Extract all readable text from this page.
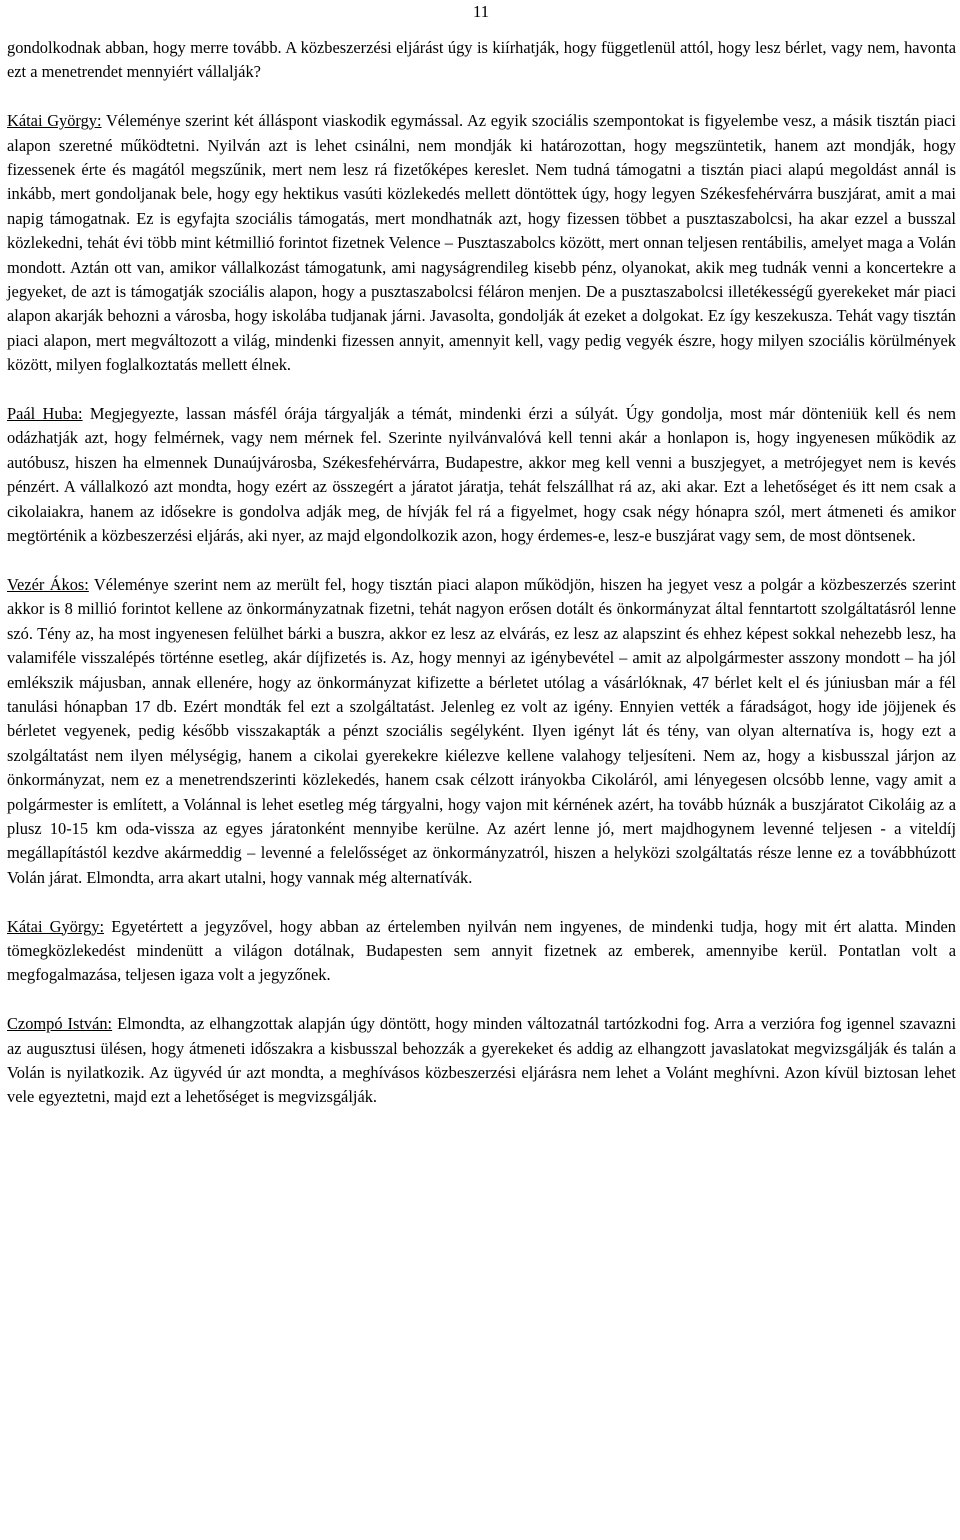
11

gondolkodnak abban, hogy merre tovább. A közbeszerzési eljárást úgy is kiírhatják, hogy függetlenül attól, hogy lesz bérlet, vagy nem, havonta ezt a menetrendet mennyiért vállalják?

Kátai György: Véleménye szerint két álláspont viaskodik egymással. Az egyik szociális szempontokat is figyelembe vesz, a másik tisztán piaci alapon szeretné működtetni. Nyilván azt is lehet csinálni, nem mondják ki határozottan, hogy megszüntetik, hanem azt mondják, hogy fizessenek érte és magától megszűnik, mert nem lesz rá fizetőképes kereslet. Nem tudná támogatni a tisztán piaci alapú megoldást annál is inkább, mert gondoljanak bele, hogy egy hektikus vasúti közlekedés mellett döntöttek úgy, hogy legyen Székesfehérvárra buszjárat, amit a mai napig támogatnak. Ez is egyfajta szociális támogatás, mert mondhatnák azt, hogy fizessen többet a pusztaszabolcsi, ha akar ezzel a busszal közlekedni, tehát évi több mint kétmillió forintot fizetnek Velence – Pusztaszabolcs között, mert onnan teljesen rentábilis, amelyet maga a Volán mondott. Aztán ott van, amikor vállalkozást támogatunk, ami nagyságrendileg kisebb pénz, olyanokat, akik meg tudnák venni a koncertekre a jegyeket, de azt is támogatják szociális alapon, hogy a pusztaszabolcsi féláron menjen. De a pusztaszabolcsi illetékességű gyerekeket már piaci alapon akarják behozni a városba, hogy iskolába tudjanak járni. Javasolta, gondolják át ezeket a dolgokat. Ez így keszekusza. Tehát vagy tisztán piaci alapon, mert megváltozott a világ, mindenki fizessen annyit, amennyit kell, vagy pedig vegyék észre, hogy milyen szociális körülmények között, milyen foglalkoztatás mellett élnek.

Paál Huba: Megjegyezte, lassan másfél órája tárgyalják a témát, mindenki érzi a súlyát. Úgy gondolja, most már dönteniük kell és nem odázhatják azt, hogy felmérnek, vagy nem mérnek fel. Szerinte nyilvánvalóvá kell tenni akár a honlapon is, hogy ingyenesen működik az autóbusz, hiszen ha elmennek Dunaújvárosba, Székesfehérvárra, Budapestre, akkor meg kell venni a buszjegyet, a metrójegyet nem is kevés pénzért. A vállalkozó azt mondta, hogy ezért az összegért a járatot járatja, tehát felszállhat rá az, aki akar. Ezt a lehetőséget és itt nem csak a cikolaiakra, hanem az idősekre is gondolva adják meg, de hívják fel rá a figyelmet, hogy csak négy hónapra szól, mert átmeneti és amikor megtörténik a közbeszerzési eljárás, aki nyer, az majd elgondolkozik azon, hogy érdemes-e, lesz-e buszjárat vagy sem, de most döntsenek.

Vezér Ákos: Véleménye szerint nem az merült fel, hogy tisztán piaci alapon működjön, hiszen ha jegyet vesz a polgár a közbeszerzés szerint akkor is 8 millió forintot kellene az önkormányzatnak fizetni, tehát nagyon erősen dotált és önkormányzat által fenntartott szolgáltatásról lenne szó. Tény az, ha most ingyenesen felülhet bárki a buszra, akkor ez lesz az elvárás, ez lesz az alapszint és ehhez képest sokkal nehezebb lesz, ha valamiféle visszalépés történne esetleg, akár díjfizetés is. Az, hogy mennyi az igénybevétel – amit az alpolgármester asszony mondott – ha jól emlékszik májusban, annak ellenére, hogy az önkormányzat kifizette a bérletet utólag a vásárlóknak, 47 bérlet kelt el és júniusban már a fél tanulási hónapban 17 db. Ezért mondták fel ezt a szolgáltatást. Jelenleg ez volt az igény. Ennyien vették a fáradságot, hogy ide jöjjenek és bérletet vegyenek, pedig később visszakapták a pénzt szociális segélyként. Ilyen igényt lát és tény, van olyan alternatíva is, hogy ezt a szolgáltatást nem ilyen mélységig, hanem a cikolai gyerekekre kiélezve kellene valahogy teljesíteni. Nem az, hogy a kisbusszal járjon az önkormányzat, nem ez a menetrendszerinti közlekedés, hanem csak célzott irányokba Cikoláról, ami lényegesen olcsóbb lenne, vagy amit a polgármester is említett, a Volánnal is lehet esetleg még tárgyalni, hogy vajon mit kérnének azért, ha tovább húznák a buszjáratot Cikoláig az a plusz 10-15 km oda-vissza az egyes járatonként mennyibe kerülne. Az azért lenne jó, mert majdhogynem levenné teljesen - a viteldíj megállapítástól kezdve akármeddig – levenné a felelősséget az önkormányzatról, hiszen a helyközi szolgáltatás része lenne ez a továbbhúzott Volán járat. Elmondta, arra akart utalni, hogy vannak még alternatívák.

Kátai György: Egyetértett a jegyzővel, hogy abban az értelemben nyilván nem ingyenes, de mindenki tudja, hogy mit ért alatta. Minden tömegközlekedést mindenütt a világon dotálnak, Budapesten sem annyit fizetnek az emberek, amennyibe kerül. Pontatlan volt a megfogalmazása, teljesen igaza volt a jegyzőnek.

Czompó István: Elmondta, az elhangzottak alapján úgy döntött, hogy minden változatnál tartózkodni fog. Arra a verzióra fog igennel szavazni az augusztusi ülésen, hogy átmeneti időszakra a kisbusszal behozzák a gyerekeket és addig az elhangzott javaslatokat megvizsgálják és talán a Volán is nyilatkozik. Az ügyvéd úr azt mondta, a meghívásos közbeszerzési eljárásra nem lehet a Volánt meghívni. Azon kívül biztosan lehet vele egyeztetni, majd ezt a lehetőséget is megvizsgálják.
